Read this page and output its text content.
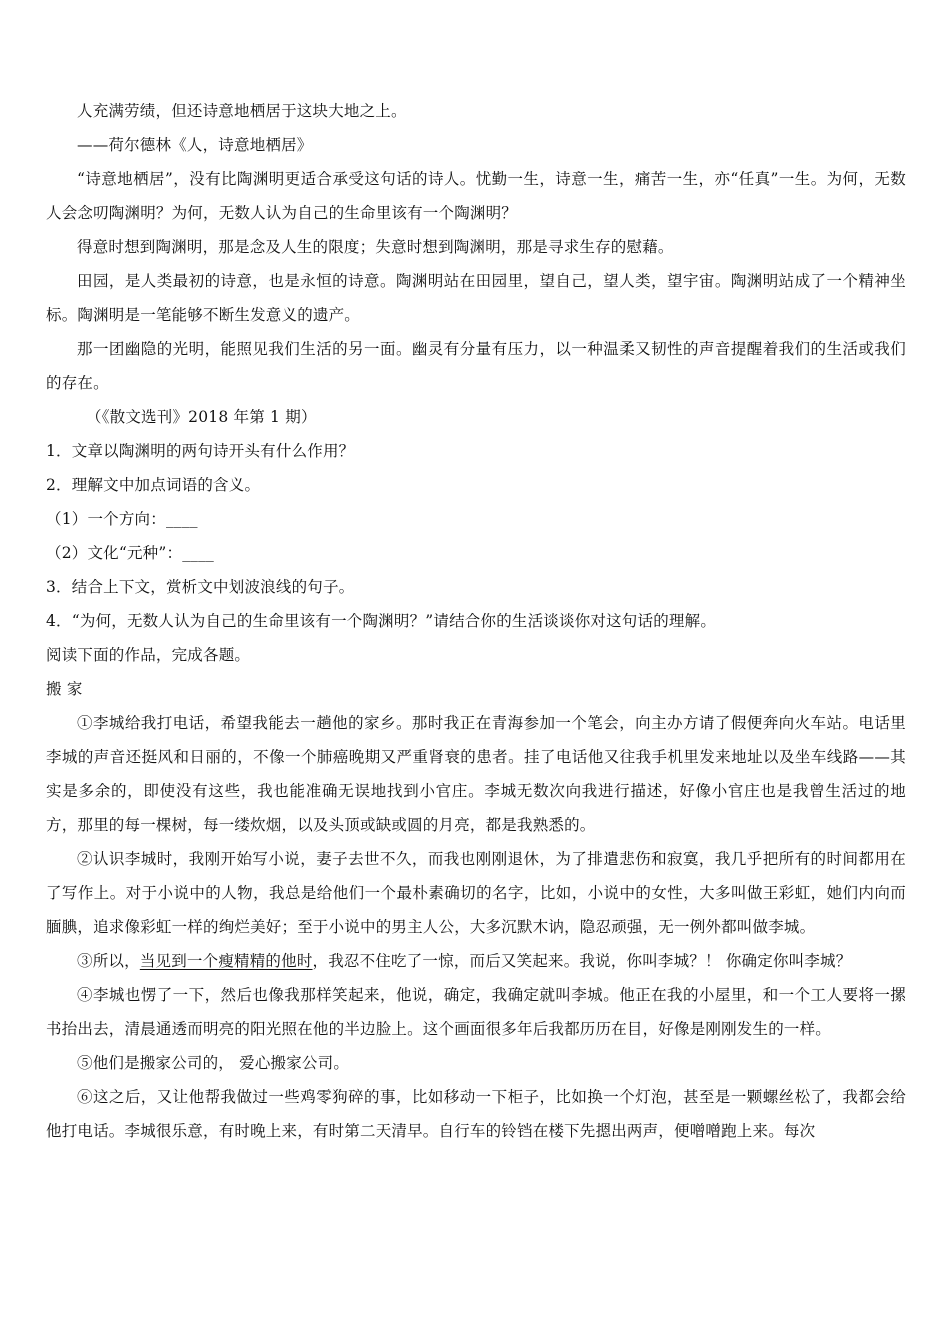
人充满劳绩，但还诗意地栖居于这块大地之上。
——荷尔德林《人，诗意地栖居》

“诗意地栖居”，没有比陶渊明更适合承受这句话的诗人。忧勤一生，诗意一生，痛苦一生，亦“任真”一生。为何，无数人会念叨陶渊明？为何，无数人认为自己的生命里该有一个陶渊明？

得意时想到陶渊明，那是念及人生的限度；失意时想到陶渊明，那是寻求生存的慰藉。

田园，是人类最初的诗意，也是永恒的诗意。陶渊明站在田园里，望自己，望人类，望宇宙。陶渊明站成了一个精神坐标。陶渊明是一笔能够不断生发意义的遗产。

那一团幽隐的光明，能照见我们生活的另一面。幽灵有分量有压力，以一种温柔又韧性的声音提醒着我们的生活或我们的存在。

（《散文选刊》2018 年第 1 期）
1．文章以陶渊明的两句诗开头有什么作用？
2．理解文中加点词语的含义。
（1）一个方向：____
（2）文化“元种”：____
3．结合上下文，赏析文中划波浪线的句子。
4．“为何，无数人认为自己的生命里该有一个陶渊明？”请结合你的生活谈谈你对这句话的理解。
阅读下面的作品，完成各题。
搬 家

①李城给我打电话，希望我能去一趟他的家乡。那时我正在青海参加一个笔会，向主办方请了假便奔向火车站。电话里李城的声音还挺风和日丽的，不像一个肺癌晚期又严重肾衰的患者。挂了电话他又往我手机里发来地址以及坐车线路——其实是多余的，即使没有这些，我也能准确无误地找到小官庄。李城无数次向我进行描述，好像小官庄也是我曾生活过的地方，那里的每一棵树，每一缕炊烟，以及头顶或缺或圆的月亮，都是我熟悉的。

②认识李城时，我刚开始写小说，妻子去世不久，而我也刚刚退休，为了排遣悲伤和寂寞，我几乎把所有的时间都用在了写作上。对于小说中的人物，我总是给他们一个最朴素确切的名字，比如，小说中的女性，大多叫做王彩虹，她们内向而腼腆，追求像彩虹一样的绚烂美好；至于小说中的男主人公，大多沉默木讷，隐忍顽强，无一例外都叫做李城。

③所以，当见到一个瘦精精的他时，我忍不住吃了一惊，而后又笑起来。我说，你叫李城？！ 你确定你叫李城？

④李城也愣了一下，然后也像我那样笑起来，他说，确定，我确定就叫李城。他正在我的小屋里，和一个工人要将一摞书抬出去，清晨通透而明亮的阳光照在他的半边脸上。这个画面很多年后我都历历在目，好像是刚刚发生的一样。

⑤他们是搬家公司的， 爱心搬家公司。

⑥这之后，又让他帮我做过一些鸡零狗碎的事，比如移动一下柜子，比如换一个灯泡，甚至是一颗螺丝松了，我都会给他打电话。李城很乐意，有时晚上来，有时第二天清早。自行车的铃铛在楼下先摁出两声，便噌噌跑上来。每次
